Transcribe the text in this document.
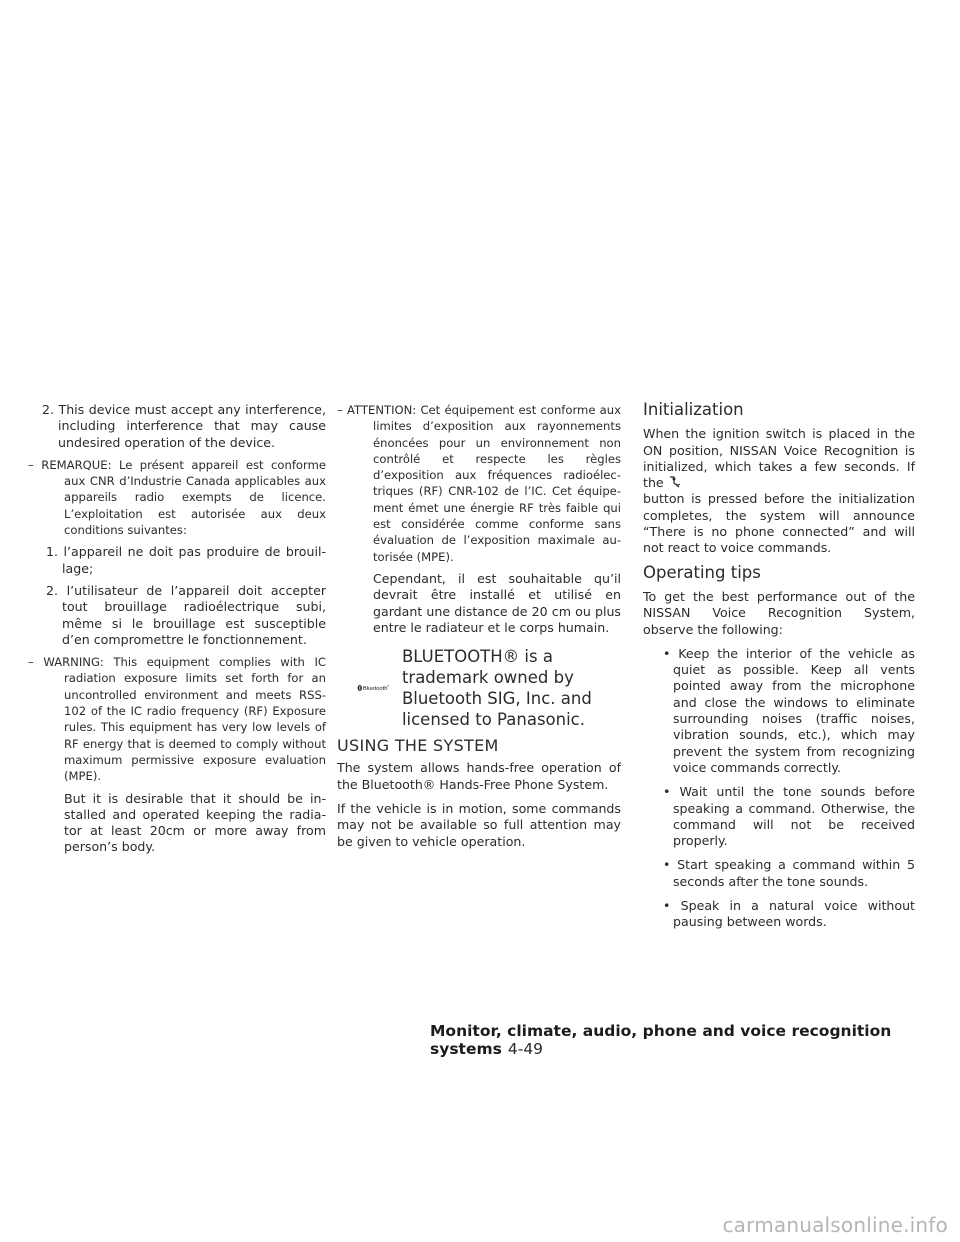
2. This device must accept any interference, including interference that may cause undesired operation of the device.

– REMARQUE: Le présent appareil est conforme aux CNR d’Industrie Canada applicables aux appareils radio exempts de licence. L’exploitation est autorisée aux deux conditions suivantes:

1. l’appareil ne doit pas produire de brouillage;

2. l’utilisateur de l’appareil doit accepter tout brouillage radioélectrique subi, même si le brouillage est susceptible d’en compromettre le fonctionnement.

– WARNING: This equipment complies with IC radiation exposure limits set forth for an uncontrolled environment and meets RSS-102 of the IC radio frequency (RF) Exposure rules. This equipment has very low levels of RF energy that is deemed to comply without maximum permissive exposure evaluation (MPE).

But it is desirable that it should be installed and operated keeping the radiator at least 20cm or more away from person’s body.

– ATTENTION: Cet équipement est conforme aux limites d’exposition aux rayonnements énoncées pour un environnement non contrôlé et respecte les règles d’exposition aux fréquences radioélectriques (RF) CNR-102 de l’IC. Cet équipement émet une énergie RF très faible qui est considérée comme conforme sans évaluation de l’exposition maximale autorisée (MPE).

Cependant, il est souhaitable qu’il devrait être installé et utilisé en gardant une distance de 20 cm ou plus entre le radiateur et le corps humain.

Bluetooth ®
BLUETOOTH® is a trademark owned by Bluetooth SIG, Inc. and licensed to Panasonic.
USING THE SYSTEM

The system allows hands-free operation of the Bluetooth® Hands-Free Phone System.

If the vehicle is in motion, some commands may not be available so full attention may be given to vehicle operation.

Initialization

When the ignition switch is placed in the ON position, NISSAN Voice Recognition is initialized, which takes a few seconds. If the

button is pressed before the initialization completes, the system will announce “There is no phone connected” and will not react to voice commands.

Operating tips

To get the best performance out of the NISSAN Voice Recognition System, observe the following:

• Keep the interior of the vehicle as quiet as possible. Keep all vents pointed away from the microphone and close the windows to eliminate surrounding noises (traffic noises, vibration sounds, etc.), which may prevent the system from recognizing voice commands correctly.

• Wait until the tone sounds before speaking a command. Otherwise, the command will not be received properly.

• Start speaking a command within 5 seconds after the tone sounds.

• Speak in a natural voice without pausing between words.

Monitor, climate, audio, phone and voice recognition systems 4-49
carmanualsonline.info
